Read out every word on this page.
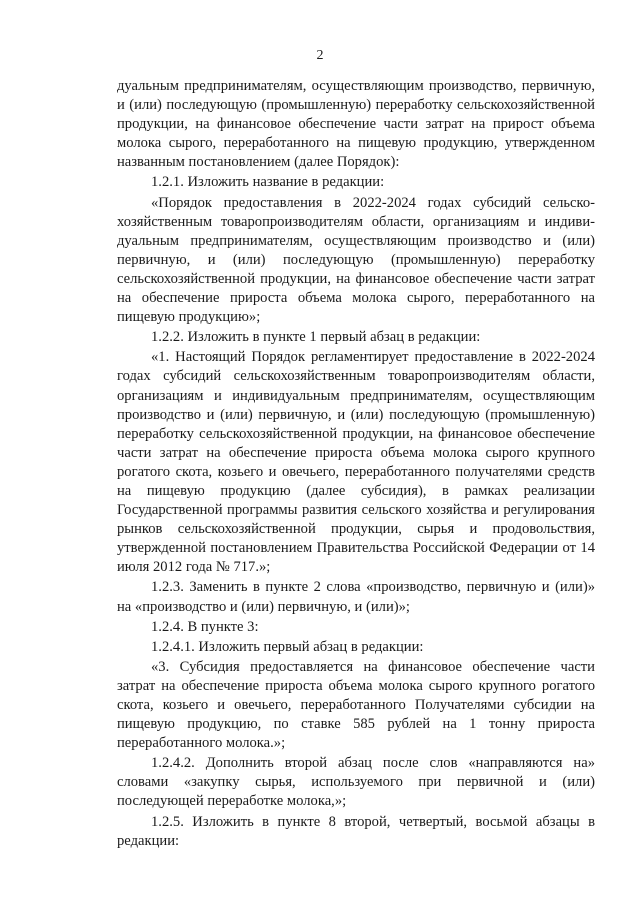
2

дуальным предпринимателям, осуществляющим производство, первичную, и (или) последующую (промышленную) переработку сельскохозяйственной продукции, на финансовое обеспечение части затрат на прирост объема молока сырого, переработанного на пищевую продукцию, утвержденном названным постановлением (далее Порядок):

1.2.1. Изложить название в редакции:

«Порядок предоставления в 2022-2024 годах субсидий сельско-хозяйственным товаропроизводителям области, организациям и индиви-дуальным предпринимателям, осуществляющим производство и (или) первичную, и (или) последующую (промышленную) переработку сельскохозяйственной продукции, на финансовое обеспечение части затрат на обеспечение прироста объема молока сырого, переработанного на пищевую продукцию»;

1.2.2. Изложить в пункте 1 первый абзац в редакции:

«1. Настоящий Порядок регламентирует предоставление в 2022-2024 годах субсидий сельскохозяйственным товаропроизводителям области, организациям и индивидуальным предпринимателям, осуществляющим производство и (или) первичную, и (или) последующую (промышленную) переработку сельскохозяйственной продукции, на финансовое обеспечение части затрат на обеспечение прироста объема молока сырого крупного рогатого скота, козьего и овечьего, переработанного получателями средств на пищевую продукцию (далее субсидия), в рамках реализации Государственной программы развития сельского хозяйства и регулирования рынков сельскохозяйственной продукции, сырья и продовольствия, утвержденной постановлением Правительства Российской Федерации от 14 июля 2012 года № 717.»;

1.2.3. Заменить в пункте 2 слова «производство, первичную и (или)» на «производство и (или) первичную, и (или)»;

1.2.4. В пункте 3:

1.2.4.1. Изложить первый абзац в редакции:

«3. Субсидия предоставляется на финансовое обеспечение части затрат на обеспечение прироста объема молока сырого крупного рогатого скота, козьего и овечьего, переработанного Получателями субсидии на пищевую продукцию, по ставке 585 рублей на 1 тонну прироста переработанного молока.»;

1.2.4.2. Дополнить второй абзац после слов «направляются на» словами «закупку сырья, используемого при первичной и (или) последующей переработке молока,»;

1.2.5. Изложить в пункте 8 второй, четвертый, восьмой абзацы в редакции:
